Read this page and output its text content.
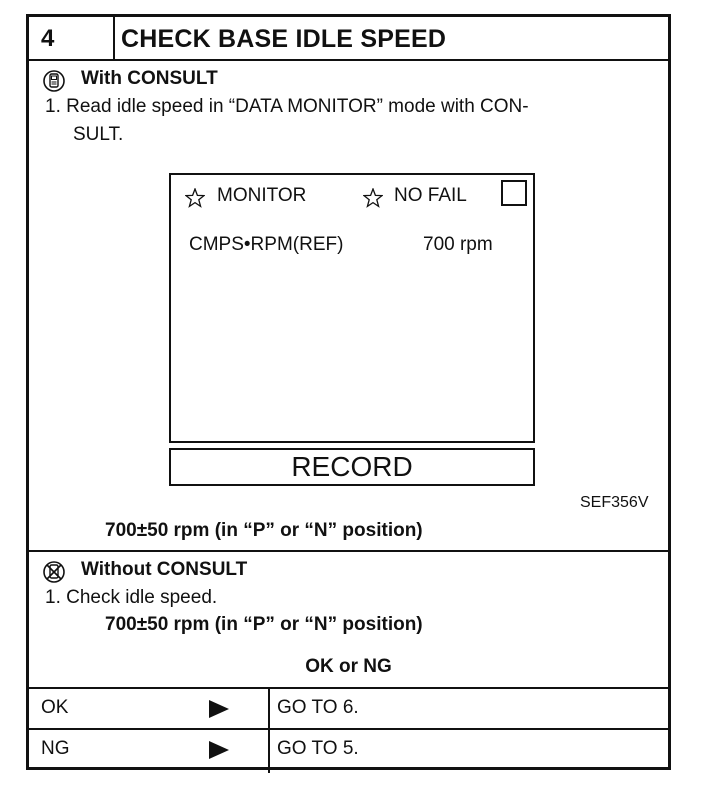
4	CHECK BASE IDLE SPEED
With CONSULT
1. Read idle speed in “DATA MONITOR” mode with CON-
SULT.
MONITOR	NO FAIL
CMPS•RPM(REF)	700 rpm
RECORD
SEF356V
700±50 rpm (in “P” or “N” position)
Without CONSULT
1. Check idle speed.
700±50 rpm (in “P” or “N” position)
OK or NG
OK	GO TO 6.
NG	GO TO 5.
